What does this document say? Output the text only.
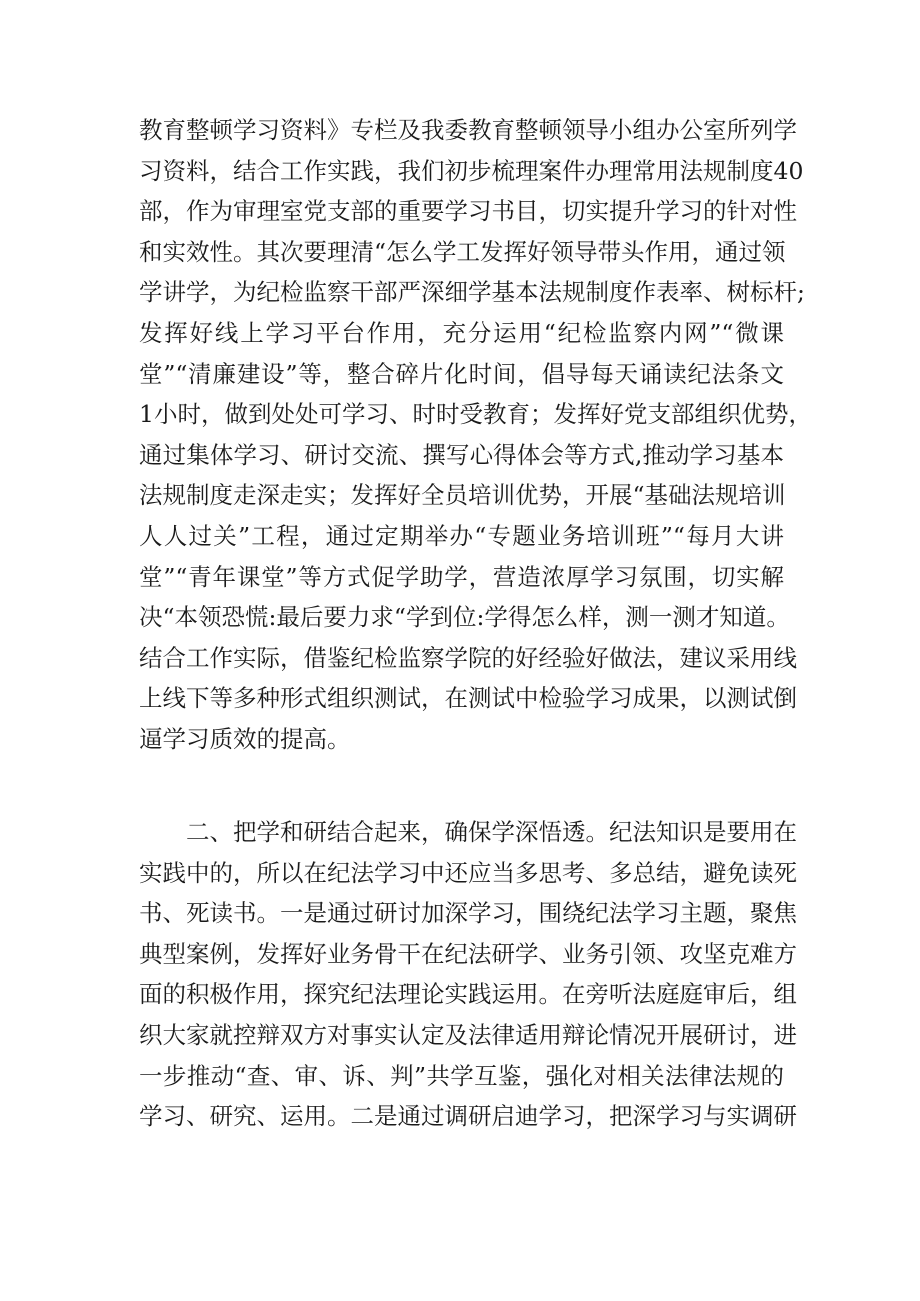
教育整顿学习资料》专栏及我委教育整顿领导小组办公室所列学
习资料，结合工作实践，我们初步梳理案件办理常用法规制度40
部，作为审理室党支部的重要学习书目，切实提升学习的针对性
和实效性。其次要理清“怎么学工发挥好领导带头作用，通过领
学讲学，为纪检监察干部严深细学基本法规制度作表率、树标杆;
发挥好线上学习平台作用，充分运用“纪检监察内网”“微课
堂”“清廉建设”等，整合碎片化时间，倡导每天诵读纪法条文
1小时，做到处处可学习、时时受教育；发挥好党支部组织优势，
通过集体学习、研讨交流、撰写心得体会等方式,推动学习基本
法规制度走深走实；发挥好全员培训优势，开展“基础法规培训
人人过关”工程，通过定期举办“专题业务培训班”“每月大讲
堂”“青年课堂”等方式促学助学，营造浓厚学习氛围，切实解
决“本领恐慌:最后要力求“学到位:学得怎么样，测一测才知道。
结合工作实际，借鉴纪检监察学院的好经验好做法，建议采用线
上线下等多种形式组织测试，在测试中检验学习成果，以测试倒
逼学习质效的提高。
二、把学和研结合起来，确保学深悟透。纪法知识是要用在
实践中的，所以在纪法学习中还应当多思考、多总结，避免读死
书、死读书。一是通过研讨加深学习，围绕纪法学习主题，聚焦
典型案例，发挥好业务骨干在纪法研学、业务引领、攻坚克难方
面的积极作用，探究纪法理论实践运用。在旁听法庭庭审后，组
织大家就控辩双方对事实认定及法律适用辩论情况开展研讨，进
一步推动“查、审、诉、判”共学互鉴，强化对相关法律法规的
学习、研究、运用。二是通过调研启迪学习，把深学习与实调研
